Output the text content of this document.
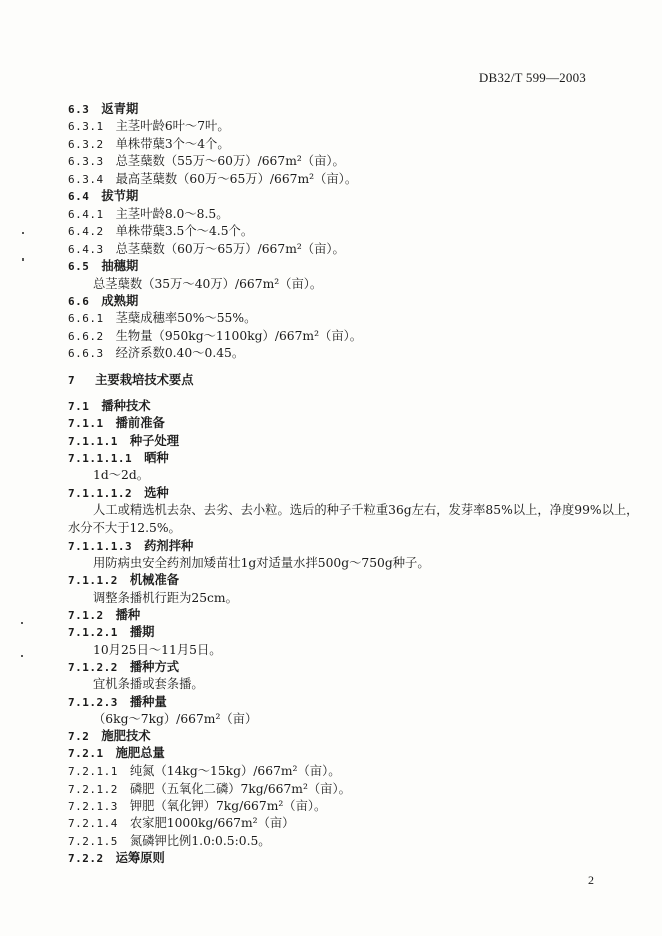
DB32/T 599—2003
6.3 返青期
6.3.1 主茎叶龄6叶～7叶。
6.3.2 单株带蘖3个～4个。
6.3.3 总茎蘖数（55万～60万）/667m²（亩）。
6.3.4 最高茎蘖数（60万～65万）/667m²（亩）。
6.4 拔节期
6.4.1 主茎叶龄8.0～8.5。
6.4.2 单株带蘖3.5个～4.5个。
6.4.3 总茎蘖数（60万～65万）/667m²（亩）。
6.5 抽穗期
总茎蘖数（35万～40万）/667m²（亩）。
6.6 成熟期
6.6.1 茎蘖成穗率50%～55%。
6.6.2 生物量（950kg～1100kg）/667m²（亩）。
6.6.3 经济系数0.40～0.45。
7 主要栽培技术要点
7.1 播种技术
7.1.1 播前准备
7.1.1.1 种子处理
7.1.1.1.1 晒种
1d～2d。
7.1.1.1.2 选种
人工或精选机去杂、去劣、去小粒。选后的种子千粒重36g左右，发芽率85%以上，净度99%以上，
水分不大于12.5%。
7.1.1.1.3 药剂拌种
用防病虫安全药剂加矮苗壮1g对适量水拌500g～750g种子。
7.1.1.2 机械准备
调整条播机行距为25cm。
7.1.2 播种
7.1.2.1 播期
10月25日～11月5日。
7.1.2.2 播种方式
宜机条播或套条播。
7.1.2.3 播种量
（6kg～7kg）/667m²（亩）
7.2 施肥技术
7.2.1 施肥总量
7.2.1.1 纯氮（14kg～15kg）/667m²（亩）。
7.2.1.2 磷肥（五氧化二磷）7kg/667m²（亩）。
7.2.1.3 钾肥（氧化钾）7kg/667m²（亩）。
7.2.1.4 农家肥1000kg/667m²（亩）
7.2.1.5 氮磷钾比例1.0:0.5:0.5。
7.2.2 运筹原则
2
